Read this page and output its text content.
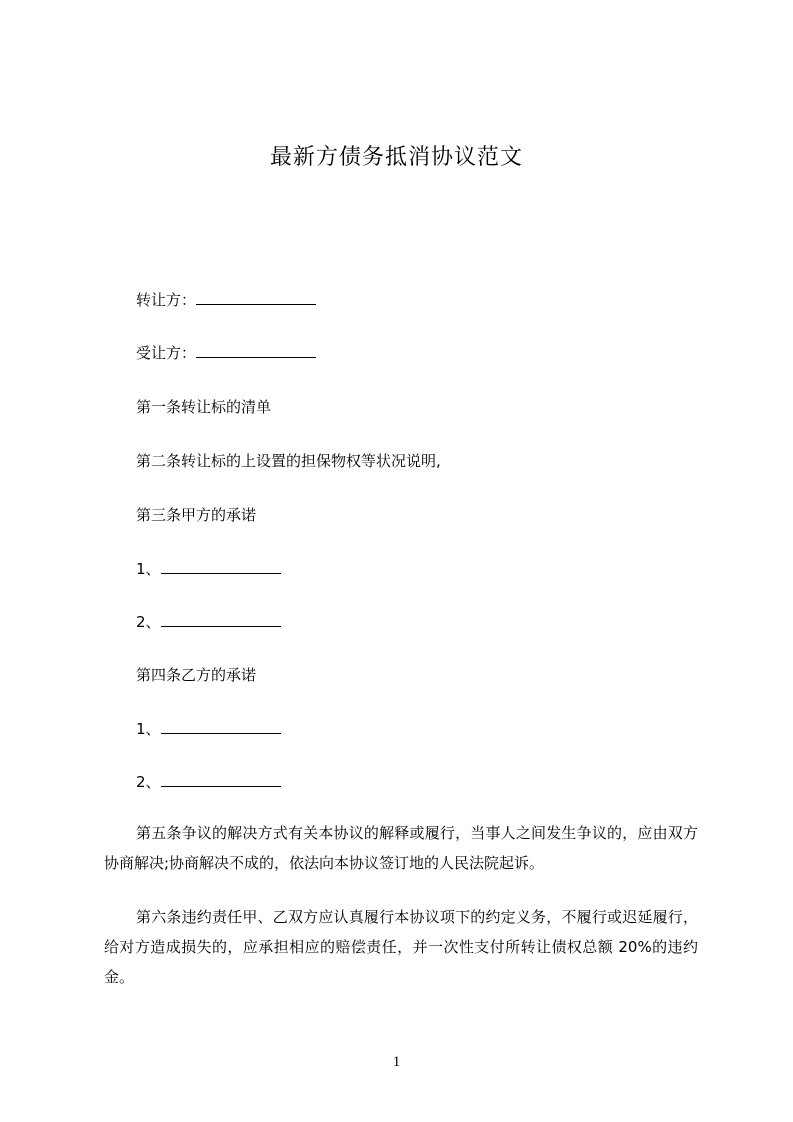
最新方债务抵消协议范文
转让方：
受让方：
第一条转让标的清单
第二条转让标的上设置的担保物权等状况说明,
第三条甲方的承诺
1、
2、
第四条乙方的承诺
1、
2、
第五条争议的解决方式有关本协议的解释或履行，当事人之间发生争议的，应由双方协商解决;协商解决不成的，依法向本协议签订地的人民法院起诉。
第六条违约责任甲、乙双方应认真履行本协议项下的约定义务，不履行或迟延履行，给对方造成损失的，应承担相应的赔偿责任，并一次性支付所转让债权总额 20%的违约金。
1
